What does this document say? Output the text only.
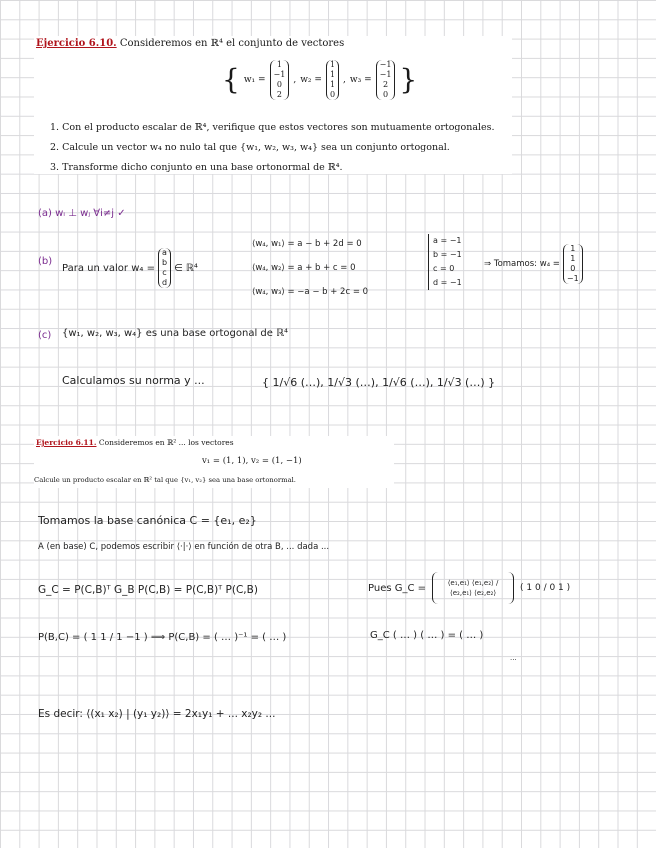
Ejercicio 6.10. Consideremos en ℝ⁴ el conjunto de vectores
{ w₁ =
1
−1
0
2
, w₂ =
1
1
1
0
, w₃ =
−1
−1
2
0 }
1. Con el producto escalar de ℝ⁴, verifique que estos vectores son mutuamente ortogonales.
2. Calcule un vector w₄ no nulo tal que {w₁, w₂, w₃, w₄} sea un conjunto ortogonal.
3. Transforme dicho conjunto en una base ortonormal de ℝ⁴.
(a) wᵢ ⊥ wⱼ ∀i≠j ✓
(b)
Para un valor w₄ =
a
b
c
d
∈ ℝ⁴
⟨w₄, w₁⟩ = a − b + 2d = 0
⟨w₄, w₂⟩ = a + b + c = 0
⟨w₄, w₃⟩ = −a − b + 2c = 0
a = −1
b = −1
c = 0
d = −1
⇒ Tomamos: w₄ =
1
1
0
−1
(c) {w₁, w₂, w₃, w₄} es una base ortogonal de ℝ⁴
Calculamos su norma y ...	{ 1/√6 (…), 1/√3 (…), 1/√6 (…), 1/√3 (…) }
Ejercicio 6.11. Consideremos en ℝ² ... los vectores
v₁ = (1, 1), v₂ = (1, −1)
Calcule un producto escalar en ℝ² tal que {v₁, v₂} sea una base ortonormal.
Tomamos la base canónica C = {e₁, e₂}
A (en base) C, podemos escribir ⟨·|·⟩ en función de otra B, ... dada ...
G_C = P(C,B)ᵀ G_B P(C,B) = P(C,B)ᵀ P(C,B)	Pues G_C =	⟨e₁,e₁⟩ ⟨e₁,e₂⟩ / ⟨e₂,e₁⟩ ⟨e₂,e₂⟩	( 1 0 / 0 1 )
P(B,C) = ( 1 1 / 1 −1 ) ⟹ P(C,B) = ( … )⁻¹ = ( … )	G_C ( … ) ( … ) = ( … )
...
Es decir: ⟨(x₁ x₂) | (y₁ y₂)⟩ = 2x₁y₁ + ... x₂y₂ ...
